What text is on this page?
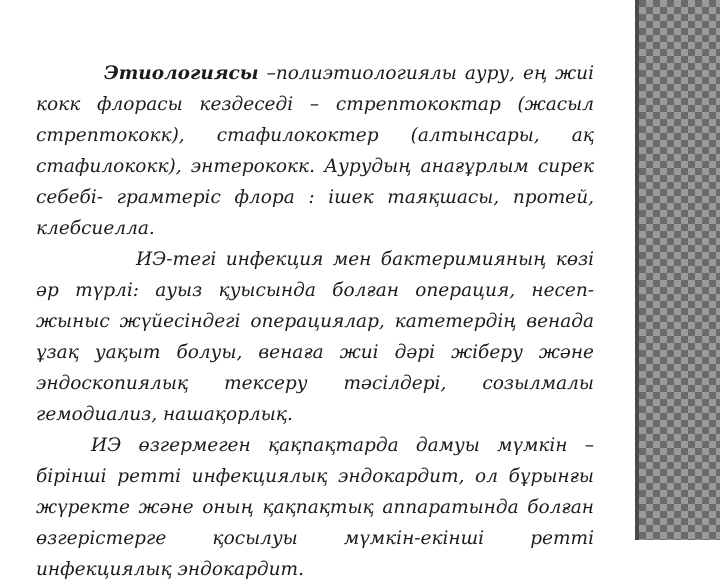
Этиологиясы –полиэтиологиялы ауру, ең жиі кокк флорасы кездеседі – стрептококтар (жасыл стрептококк), стафилококтер (алтынсары, ақ стафилококк), энтерококк. Аурудың анағұрлым сирек себебі- грамтеріс флора : ішек таяқшасы, протей, клебсиелла.

ИЭ-тегі инфекция мен бактеримияның көзі әр түрлі: ауыз қуысында болған операция, несеп-жыныс жүйесіндегі операциялар, катетердің венада ұзақ уақыт болуы, венаға жиі дәрі жіберу және эндоскопиялық тексеру тәсілдері, созылмалы гемодиализ, нашақорлық.

ИЭ өзгермеген қақпақтарда дамуы мүмкін – бірінші ретті инфекциялық эндокардит, ол бұрынғы жүректе және оның қақпақтық аппаратында болған өзгерістерге қосылуы мүмкін-екінші ретті инфекциялық эндокардит.
